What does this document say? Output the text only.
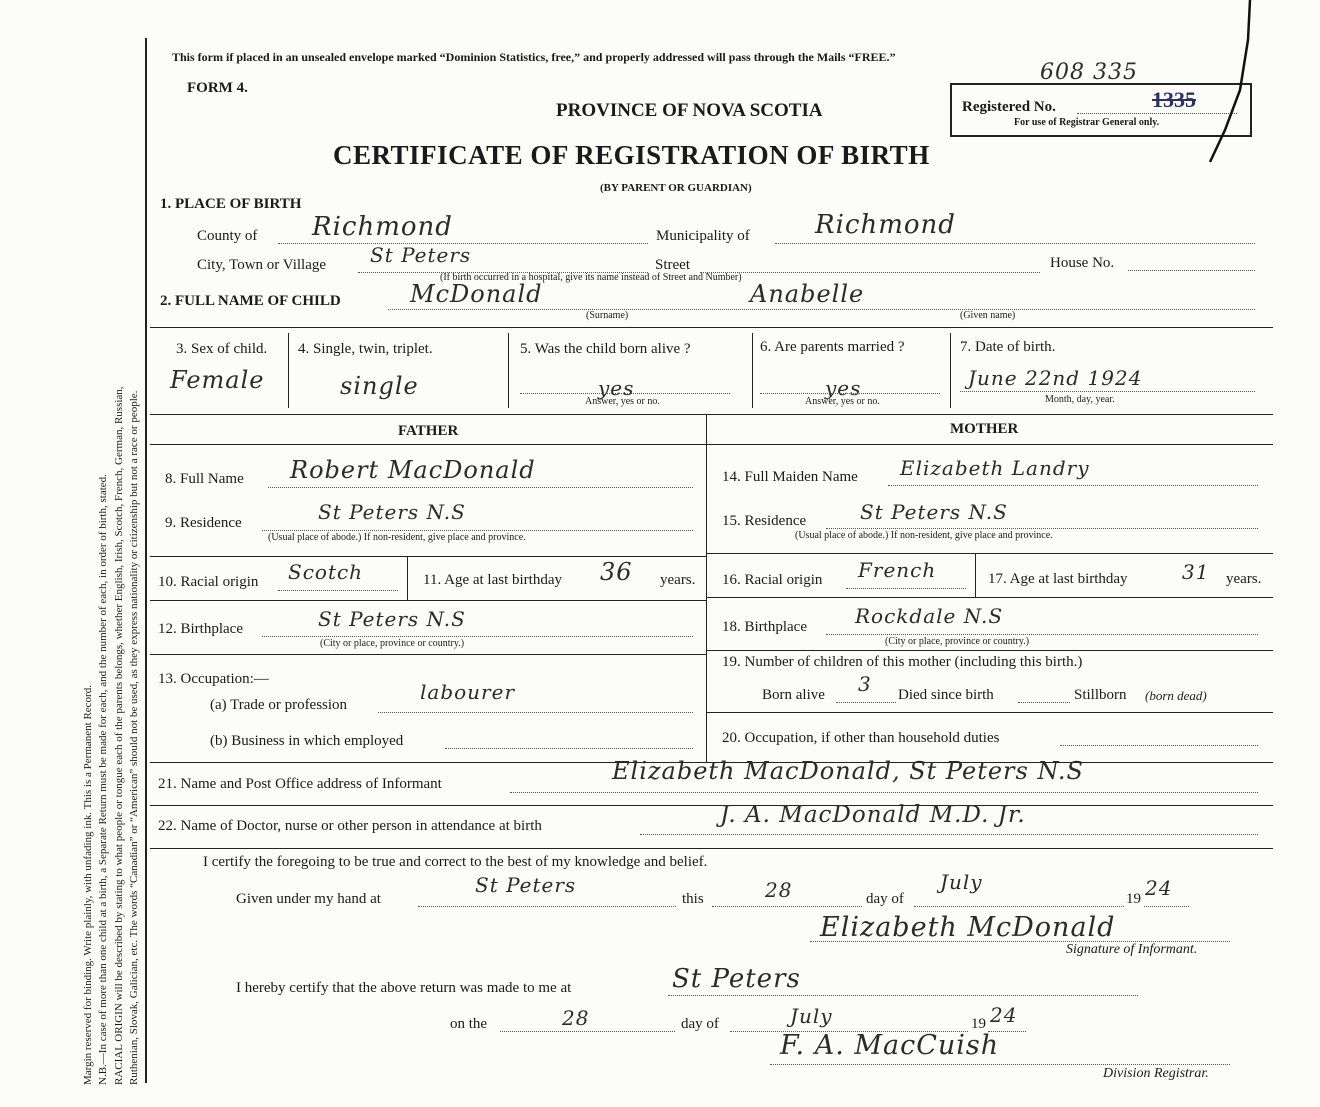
Margin reserved for binding. Write plainly, with unfading ink. This is a Permanent Record. N.B.—In case of more than one child at a birth, a Separate Return must be made for each, and the number of each, in order of birth, stated. RACIAL ORIGIN will be described by stating to what people or tongue each of the parents belongs, whether English, Irish, Scotch, French, German, Russian, Ruthenian, Slovak, Galician, etc. The words “Canadian” or “American” should not be used, as they express nationality or citizenship but not a race or people.
This form if placed in an unsealed envelope marked “Dominion Statistics, free,” and properly addressed will pass through the Mails “FREE.”
FORM 4.
PROVINCE OF NOVA SCOTIA
CERTIFICATE OF REGISTRATION OF BIRTH
(BY PARENT OR GUARDIAN)
608 335
Registered No.	1335
For use of Registrar General only.
1. PLACE OF BIRTH
County of Richmond	Municipality of	Richmond
City, Town or Village St Peters	Street	House No.
(If birth occurred in a hospital, give its name instead of Street and Number)
2. FULL NAME OF CHILD	McDonald	Anabelle
(Surname)	(Given name)
3. Sex of child.
Female
4. Single, twin, triplet.
single
5. Was the child born alive ?
yes
Answer, yes or no.
6. Are parents married ?
yes
Answer, yes or no.
7. Date of birth.
June 22nd 1924
Month, day, year.
FATHER
8. Full Name Robert MacDonald
9. Residence	St Peters N.S
(Usual place of abode.) If non-resident, give place and province.
10. Racial origin Scotch	11. Age at last birthday 36 years.
12. Birthplace	St Peters N.S
(City or place, province or country.)
13. Occupation:—
(a) Trade or profession
labourer
(b) Business in which employed
MOTHER
14. Full Maiden Name Elizabeth Landry
15. Residence	St Peters N.S
(Usual place of abode.) If non-resident, give place and province.
16. Racial origin French	17. Age at last birthday	31 years.
18. Birthplace Rockdale N.S
(City or place, province or country.)
19. Number of children of this mother (including this birth.)
Born alive 3 Died since birth	Stillborn (born dead)
20. Occupation, if other than household duties
21. Name and Post Office address of Informant	Elizabeth MacDonald, St Peters N.S
22. Name of Doctor, nurse or other person in attendance at birth	J. A. MacDonald M.D. Jr.
I certify the foregoing to be true and correct to the best of my knowledge and belief.
Given under my hand at
St Peters
this	28	day of
July
19 24
Elizabeth McDonald
Signature of Informant.
I hereby certify that the above return was made to me at	St Peters
on the	28	day of	July	19 24
F. A. MacCuish
Division Registrar.
